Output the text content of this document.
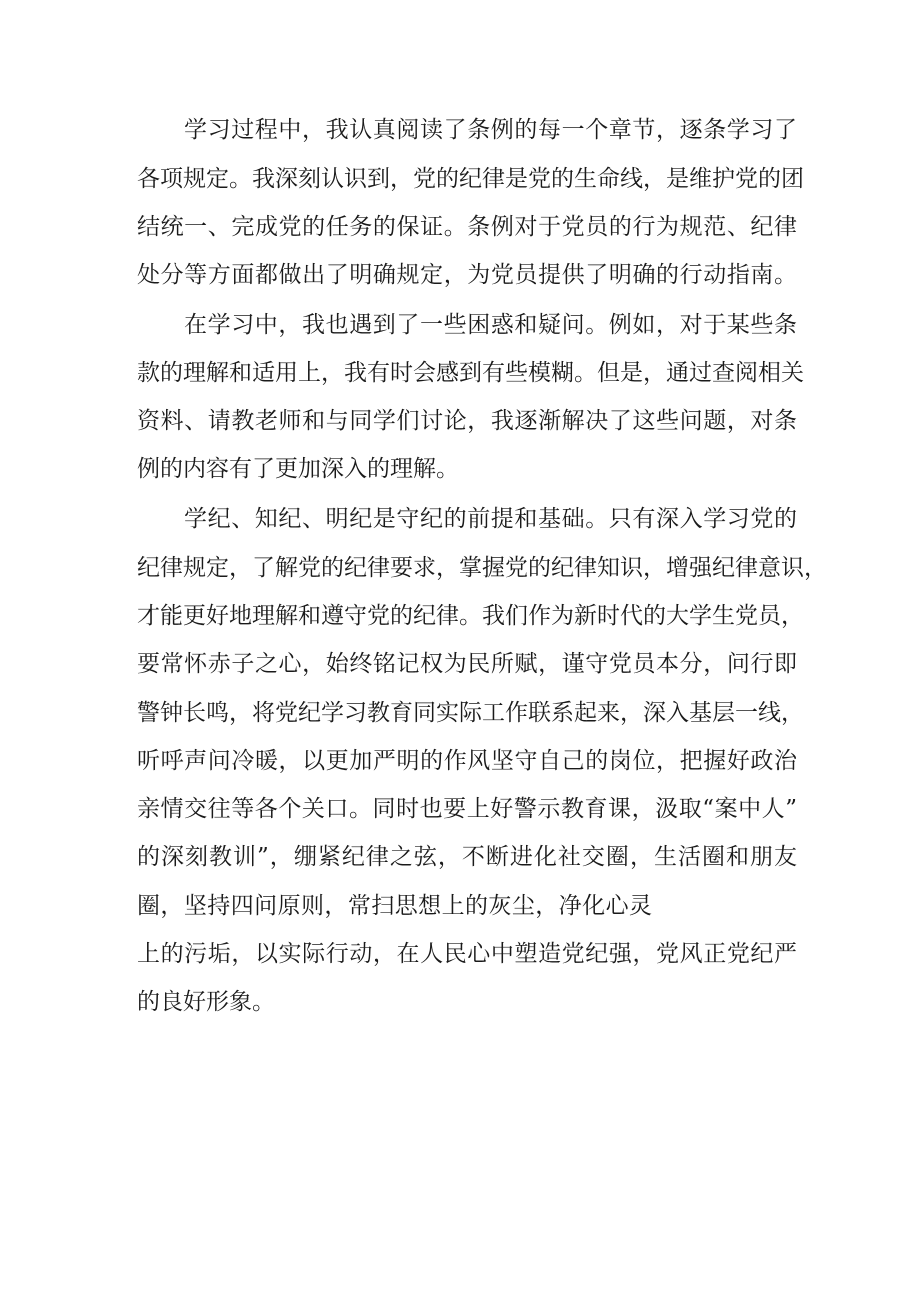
学习过程中，我认真阅读了条例的每一个章节，逐条学习了

各项规定。我深刻认识到，党的纪律是党的生命线，是维护党的团

结统一、完成党的任务的保证。条例对于党员的行为规范、纪律

处分等方面都做出了明确规定，为党员提供了明确的行动指南。

在学习中，我也遇到了一些困惑和疑问。例如，对于某些条

款的理解和适用上，我有时会感到有些模糊。但是，通过查阅相关

资料、请教老师和与同学们讨论，我逐渐解决了这些问题，对条

例的内容有了更加深入的理解。

学纪、知纪、明纪是守纪的前提和基础。只有深入学习党的

纪律规定，了解党的纪律要求，掌握党的纪律知识，增强纪律意识，

才能更好地理解和遵守党的纪律。我们作为新时代的大学生党员，

要常怀赤子之心，始终铭记权为民所赋，谨守党员本分，问行即

警钟长鸣，将党纪学习教育同实际工作联系起来，深入基层一线，

听呼声问冷暖，以更加严明的作风坚守自己的岗位，把握好政治

亲情交往等各个关口。同时也要上好警示教育课，汲取“案中人”

的深刻教训”，绷紧纪律之弦，不断进化社交圈，生活圈和朋友

圈，坚持四问原则，常扫思想上的灰尘，净化心灵

上的污垢，以实际行动，在人民心中塑造党纪强，党风正党纪严

的良好形象。
